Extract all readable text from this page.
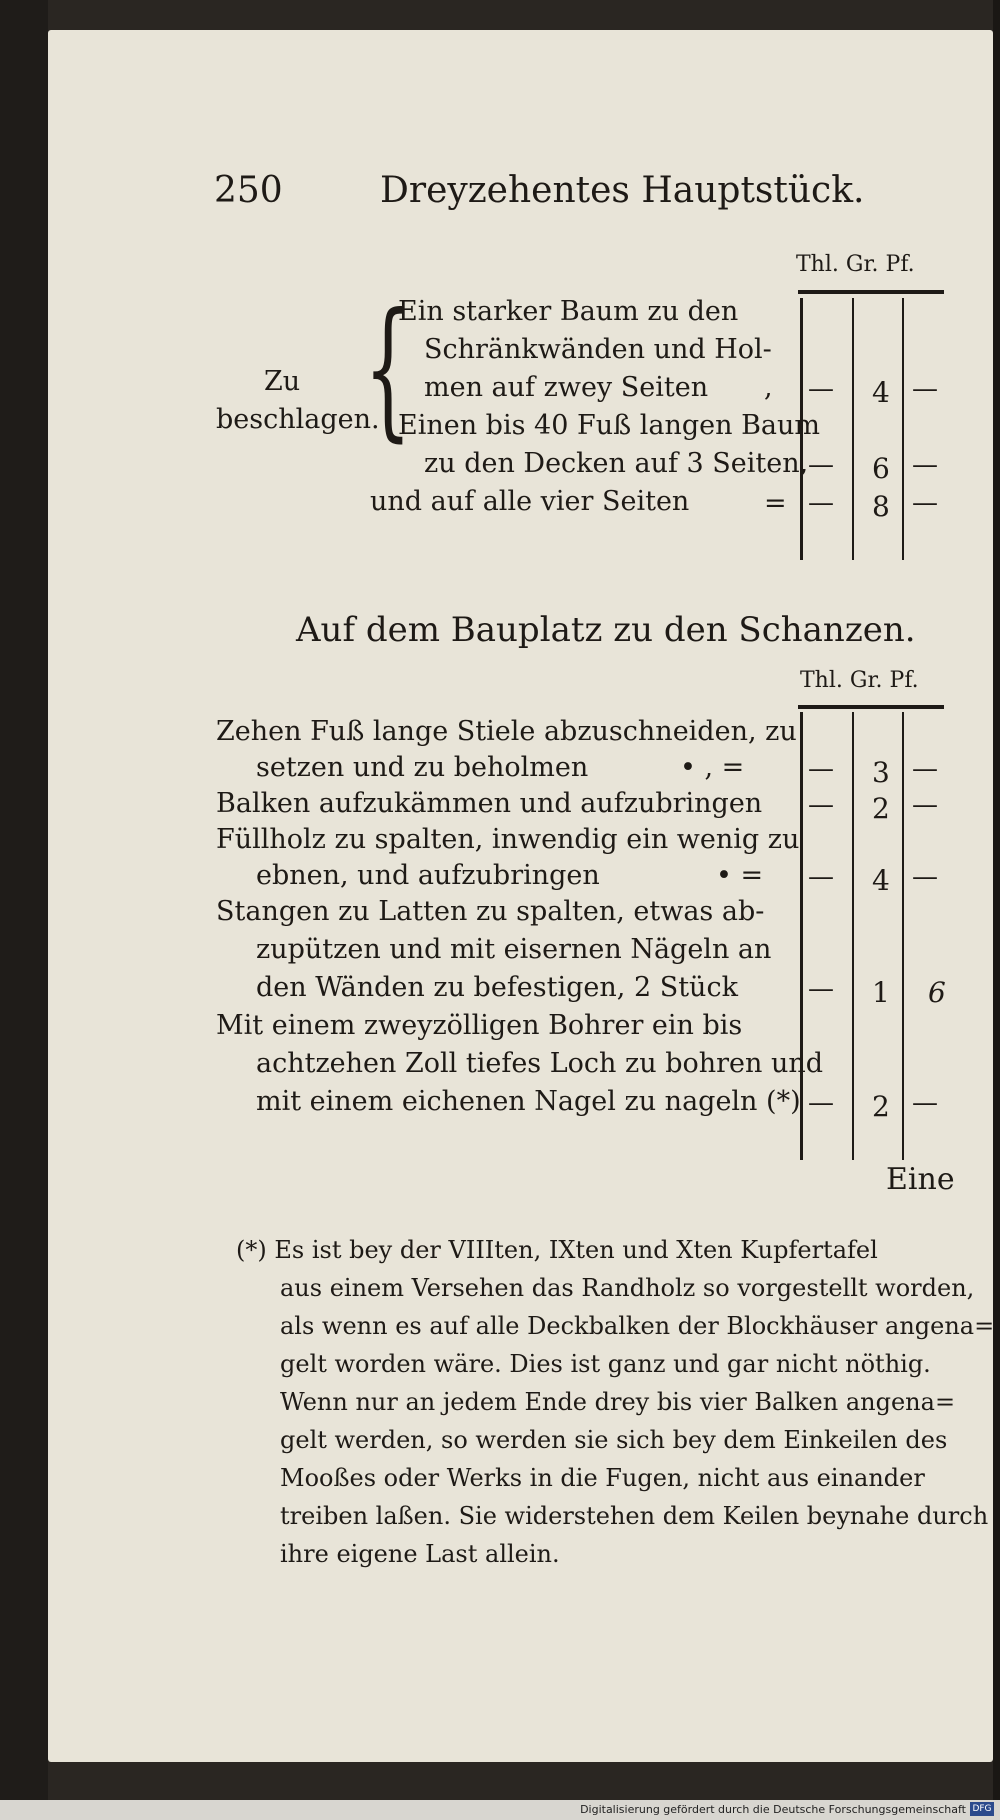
250	Dreyzehentes Hauptstück.
Thl. Gr. Pf.
Zu
beschlagen.
{
Ein starker Baum zu den
Schränkwänden und Hol-
men auf zwey Seiten
Einen bis 40 Fuß langen Baum
zu den Decken auf 3 Seiten,
und auf alle vier Seiten
, — 4 —
— 6 —
= — 8 —
Auf dem Bauplatz zu den Schanzen.
Thl. Gr. Pf.
Zehen Fuß lange Stiele abzuschneiden, zu
setzen und zu beholmen
Balken aufzukämmen und aufzubringen
Füllholz zu spalten, inwendig ein wenig zu
ebnen, und aufzubringen
Stangen zu Latten zu spalten, etwas ab-
zupützen und mit eisernen Nägeln an
den Wänden zu befestigen, 2 Stück
Mit einem zweyzölligen Bohrer ein bis
achtzehen Zoll tiefes Loch zu bohren und
mit einem eichenen Nagel zu nageln (*)
• , =
• =
— 3 —
— 2 —
— 4 —
— 1 6
— 2 —
Eine
(*) Es ist bey der VIIIten, IXten und Xten Kupfertafel
aus einem Versehen das Randholz so vorgestellt worden,
als wenn es auf alle Deckbalken der Blockhäuser angena=
gelt worden wäre. Dies ist ganz und gar nicht nöthig.
Wenn nur an jedem Ende drey bis vier Balken angena=
gelt werden, so werden sie sich bey dem Einkeilen des
Mooßes oder Werks in die Fugen, nicht aus einander
treiben laßen. Sie widerstehen dem Keilen beynahe durch
ihre eigene Last allein.
Digitalisierung gefördert durch die Deutsche Forschungsgemeinschaft DFG
